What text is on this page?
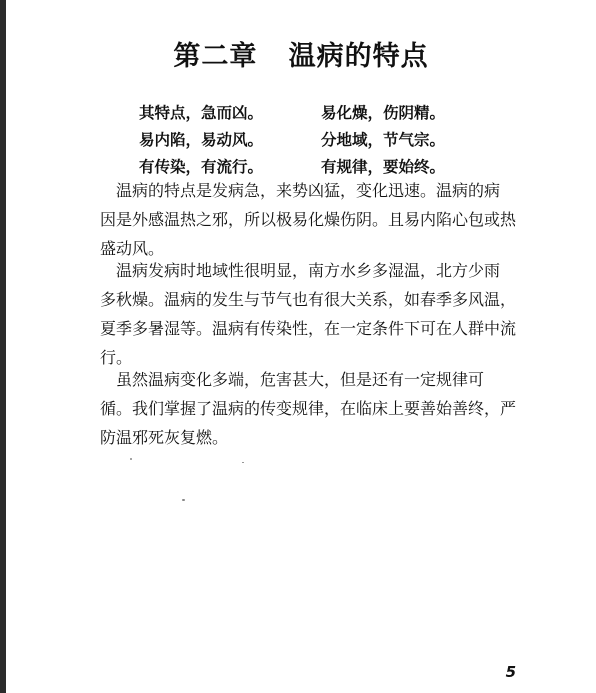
第二章   温病的特点
其特点，急而凶。	易化燥，伤阴精。
易内陷，易动风。	分地域，节气宗。
有传染，有流行。	有规律，要始终。
　温病的特点是发病急，来势凶猛，变化迅速。温病的病
因是外感温热之邪，所以极易化燥伤阴。且易内陷心包或热
盛动风。
　温病发病时地域性很明显，南方水乡多湿温，北方少雨
多秋燥。温病的发生与节气也有很大关系，如春季多风温，
夏季多暑湿等。温病有传染性，在一定条件下可在人群中流
行。
　虽然温病变化多端，危害甚大，但是还有一定规律可
循。我们掌握了温病的传变规律，在临床上要善始善终，严
防温邪死灰复燃。
5
